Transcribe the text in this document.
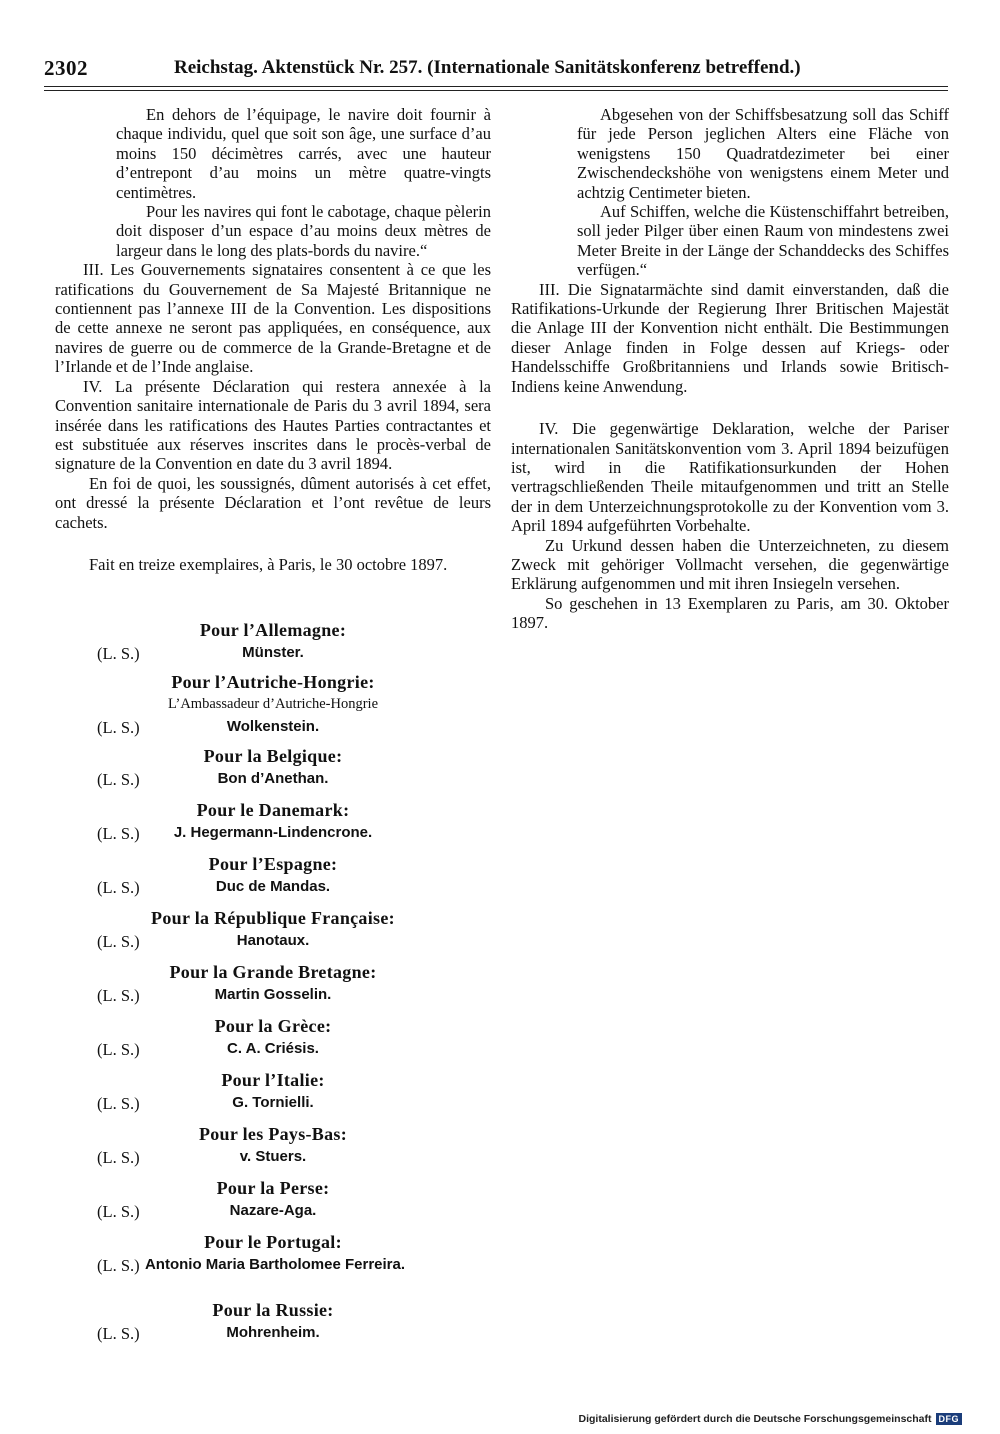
2302	Reichstag. Aktenstück Nr. 257. (Internationale Sanitätskonferenz betreffend.)

En dehors de l’équipage, le navire doit fournir à chaque individu, quel que soit son âge, une surface d’au moins 150 décimètres carrés, avec une hauteur d’entrepont d’au moins un mètre quatre-vingts centimètres.

Pour les navires qui font le cabotage, chaque pèlerin doit disposer d’un espace d’au moins deux mètres de largeur dans le long des plats-bords du navire.“

III. Les Gouvernements signataires consentent à ce que les ratifications du Gouvernement de Sa Majesté Britannique ne contiennent pas l’annexe III de la Convention. Les dispositions de cette annexe ne seront pas appliquées, en conséquence, aux navires de guerre ou de commerce de la Grande-Bretagne et de l’Irlande et de l’Inde anglaise.

IV. La présente Déclaration qui restera annexée à la Convention sanitaire internationale de Paris du 3 avril 1894, sera insérée dans les ratifications des Hautes Parties contractantes et est substituée aux réserves inscrites dans le procès-verbal de signature de la Convention en date du 3 avril 1894.

En foi de quoi, les soussignés, dûment autorisés à cet effet, ont dressé la présente Déclaration et l’ont revêtue de leurs cachets.

Fait en treize exemplaires, à Paris, le 30 octobre 1897.

Abgesehen von der Schiffsbesatzung soll das Schiff für jede Person jeglichen Alters eine Fläche von wenigstens 150 Quadratdezimeter bei einer Zwischendeckshöhe von wenigstens einem Meter und achtzig Centimeter bieten.

Auf Schiffen, welche die Küstenschiffahrt betreiben, soll jeder Pilger über einen Raum von mindestens zwei Meter Breite in der Länge der Schanddecks des Schiffes verfügen.“

III. Die Signatarmächte sind damit einverstanden, daß die Ratifikations-Urkunde der Regierung Ihrer Britischen Majestät die Anlage III der Konvention nicht enthält. Die Bestimmungen dieser Anlage finden in Folge dessen auf Kriegs- oder Handelsschiffe Großbritanniens und Irlands sowie Britisch-Indiens keine Anwendung.

IV. Die gegenwärtige Deklaration, welche der Pariser internationalen Sanitätskonvention vom 3. April 1894 beizufügen ist, wird in die Ratifikationsurkunden der Hohen vertragschließenden Theile mitaufgenommen und tritt an Stelle der in dem Unterzeichnungsprotokolle zu der Konvention vom 3. April 1894 aufgeführten Vorbehalte.

Zu Urkund dessen haben die Unterzeichneten, zu diesem Zweck mit gehöriger Vollmacht versehen, die gegenwärtige Erklärung aufgenommen und mit ihren Insiegeln versehen.

So geschehen in 13 Exemplaren zu Paris, am 30. Oktober 1897.

Pour l’Allemagne:
(L. S.)	Münster.
Pour l’Autriche-Hongrie:
L’Ambassadeur d’Autriche-Hongrie
(L. S.)	Wolkenstein.
Pour la Belgique:
(L. S.)	Bon d’Anethan.
Pour le Danemark:
(L. S.)	J. Hegermann-Lindencrone.
Pour l’Espagne:
(L. S.)	Duc de Mandas.
Pour la République Française:
(L. S.)	Hanotaux.
Pour la Grande Bretagne:
(L. S.)	Martin Gosselin.
Pour la Grèce:
(L. S.)	C. A. Criésis.
Pour l’Italie:
(L. S.)	G. Tornielli.
Pour les Pays-Bas:
(L. S.)	v. Stuers.
Pour la Perse:
(L. S.)	Nazare-Aga.
Pour le Portugal:
(L. S.) Antonio Maria Bartholomee Ferreira.
Pour la Russie:
(L. S.)	Mohrenheim.
Digitalisierung gefördert durch die Deutsche Forschungsgemeinschaft DFG
